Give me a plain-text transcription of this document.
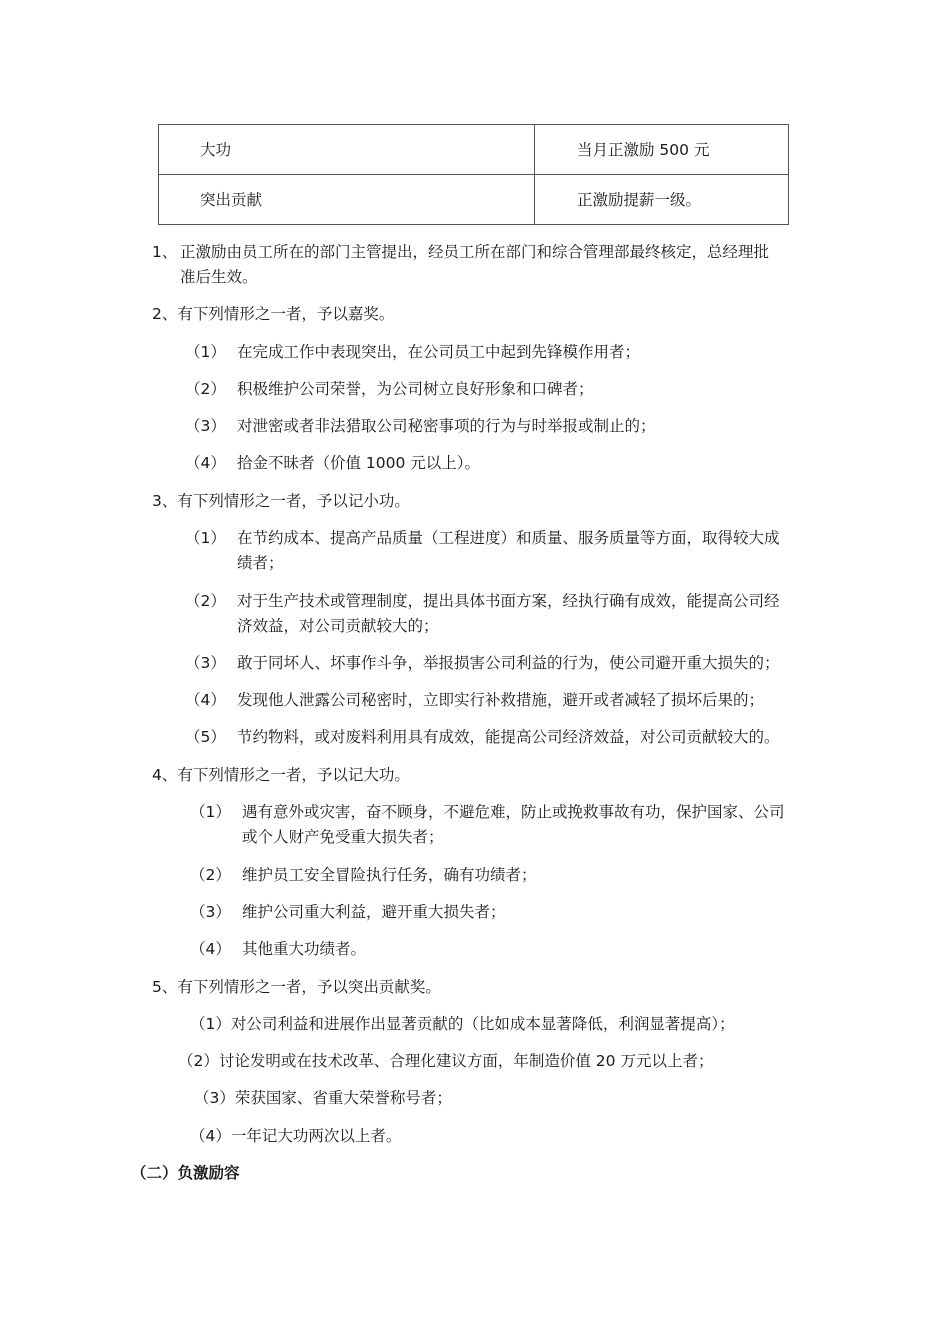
大功	当月正激励 500 元
突出贡献	正激励提薪一级。
1、 正激励由员工所在的部门主管提出，经员工所在部门和综合管理部最终核定，总经理批
准后生效。
2、有下列情形之一者，予以嘉奖。
（1） 在完成工作中表现突出，在公司员工中起到先锋模作用者；
（2） 积极维护公司荣誉，为公司树立良好形象和口碑者；
（3） 对泄密或者非法猎取公司秘密事项的行为与时举报或制止的；
（4） 拾金不昧者（价值 1000 元以上）。
3、有下列情形之一者，予以记小功。
（1） 在节约成本、提高产品质量（工程进度）和质量、服务质量等方面，取得较大成
绩者；
（2） 对于生产技术或管理制度，提出具体书面方案，经执行确有成效，能提高公司经
济效益，对公司贡献较大的；
（3） 敢于同坏人、坏事作斗争，举报损害公司利益的行为，使公司避开重大损失的；
（4） 发现他人泄露公司秘密时，立即实行补救措施，避开或者减轻了损坏后果的；
（5） 节约物料，或对废料利用具有成效，能提高公司经济效益，对公司贡献较大的。
4、有下列情形之一者，予以记大功。
（1） 遇有意外或灾害，奋不顾身，不避危难，防止或挽救事故有功，保护国家、公司
或个人财产免受重大损失者；
（2） 维护员工安全冒险执行任务，确有功绩者；
（3） 维护公司重大利益，避开重大损失者；
（4） 其他重大功绩者。
5、有下列情形之一者，予以突出贡献奖。
（1）对公司利益和进展作出显著贡献的（比如成本显著降低，利润显著提高）；
（2）讨论发明或在技术改革、合理化建议方面，年制造价值 20 万元以上者；
（3）荣获国家、省重大荣誉称号者；
（4）一年记大功两次以上者。
（二）负激励容
